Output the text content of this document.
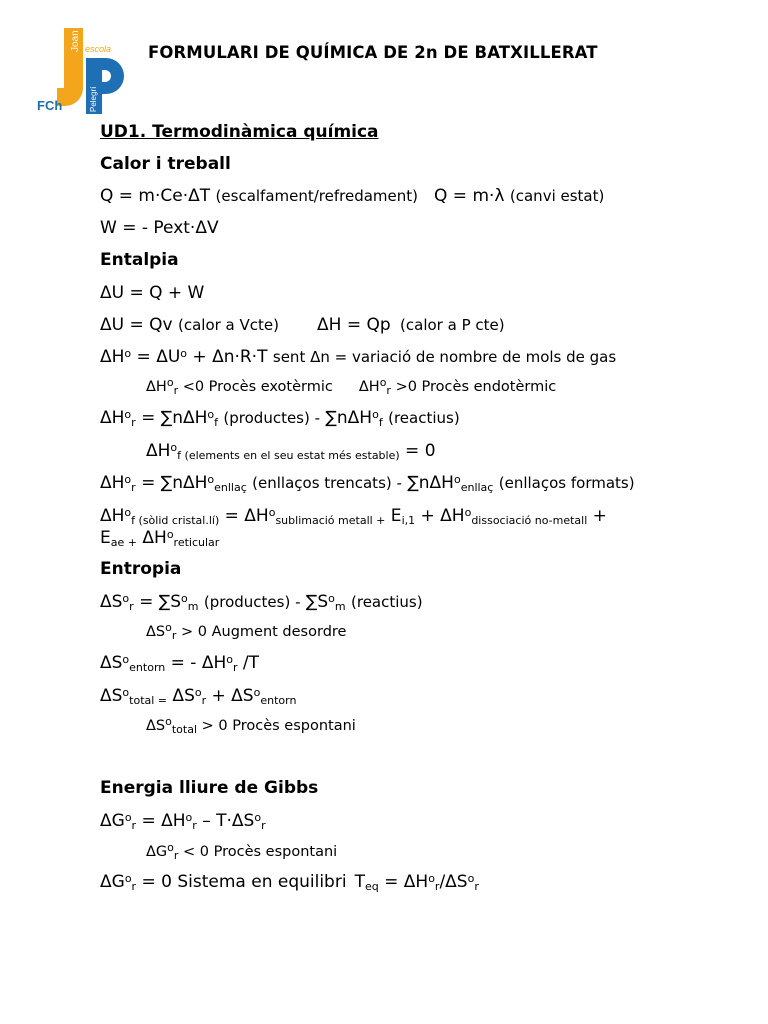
Joan escola
Pelegrí
FCh
FORMULARI DE QUÍMICA DE 2n DE BATXILLERAT
UD1. Termodinàmica química
Calor i treball
Q = m·Ce·ΔT (escalfament/refredament) Q = m·λ (canvi estat)
W = - Pext·ΔV
Entalpia
ΔU = Q + W
ΔU = Qv (calor a Vcte) ΔH = Qp (calor a P cte)
$\Delta H^o = \Delta U^o + \Delta n\cdot R\cdot T$ sent Δn = variació de nombre de mols de gas
$\Delta H^o_r <0$ Procès exotèrmic $\Delta H^o_r >0$ Procès endotèrmic
$\Delta H^o_r = \sum n\Delta H^o_f$ (productes) - ∑nΔH$^o_f$ (reactius)
$\Delta H^o_{f (elements en el seu estat més estable)} = 0$
$\Delta H^o_r = \sum n\Delta H^o_{enllaç}$ (enllaços trencats) - ∑nΔH$^o_{enllaç}$ (enllaços formats)
$\Delta H^o_{f (sòlid cristal.lí)} = \Delta H^o_{sublimació metall}$ $_+$ $E_{i,1} + \Delta H^o_{dissociació no-metall}$ +
$E_{ae +}$ $\Delta H^o_{reticular}$
Entropia
$\Delta S^o_r = \sum S^o_m$ (productes) - $\sum S^o_m$ (reactius)
$\Delta S^o_r > 0$ Augment desordre
$\Delta S^o_{entorn}$ = - $\Delta H^o_r$ /T
$\Delta S^o_{total}$ $_=$ $\Delta S^o_r + \Delta S^o_{entorn}$
$\Delta S^o_{total} > 0$ Procès espontani
Energia lliure de Gibbs
$\Delta G^o_r = \Delta H^o_r - T\cdot\Delta S^o_r$
$\Delta G^o_r < 0$ Procès espontani
$\Delta G^o_r = 0$ Sistema en equilibri $T_{eq} = \Delta H^o_r/\Delta S^o_r$
